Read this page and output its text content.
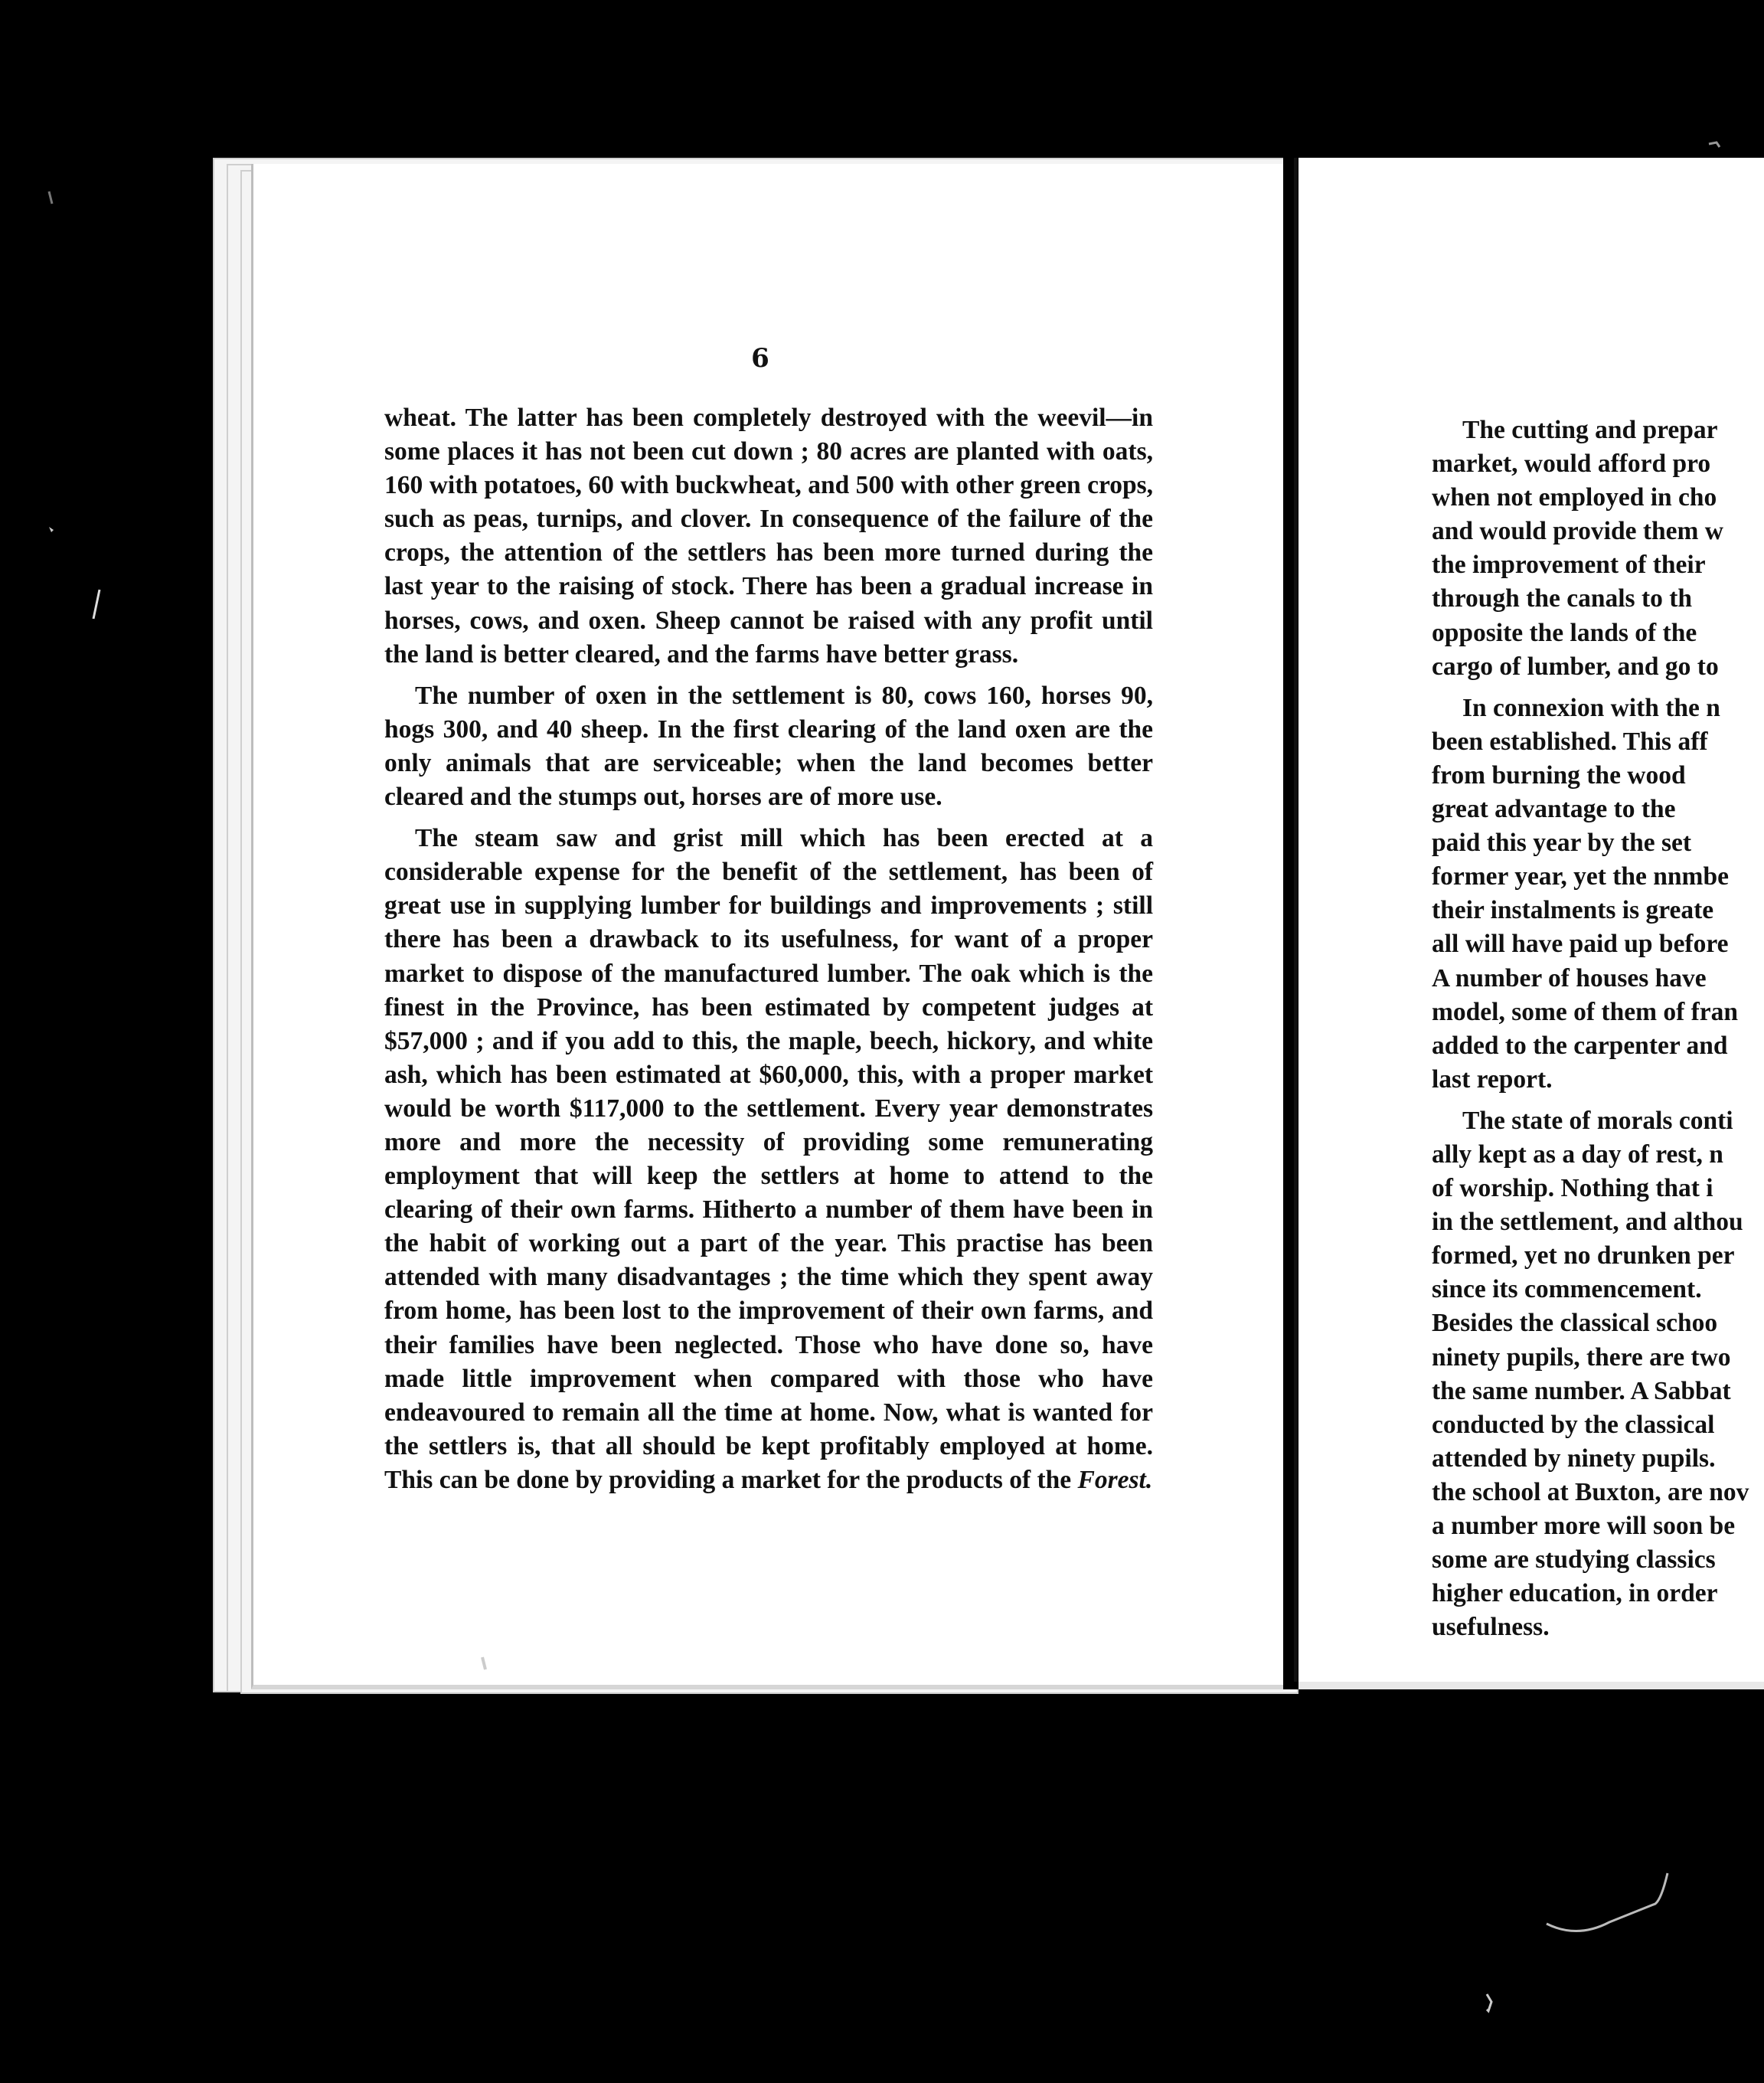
6

wheat. The latter has been completely destroyed with the weevil—in some places it has not been cut down ; 80 acres are planted with oats, 160 with potatoes, 60 with buckwheat, and 500 with other green crops, such as peas, turnips, and clover. In consequence of the failure of the crops, the attention of the settlers has been more turned during the last year to the raising of stock. There has been a gradual increase in horses, cows, and oxen. Sheep cannot be raised with any profit until the land is better cleared, and the farms have better grass.

The number of oxen in the settlement is 80, cows 160, horses 90, hogs 300, and 40 sheep. In the first clearing of the land oxen are the only animals that are serviceable; when the land becomes better cleared and the stumps out, horses are of more use.

The steam saw and grist mill which has been erected at a considerable expense for the benefit of the settlement, has been of great use in supplying lumber for buildings and improvements ; still there has been a drawback to its usefulness, for want of a proper market to dispose of the manufactured lumber. The oak which is the finest in the Province, has been estimated by competent judges at $57,000 ; and if you add to this, the maple, beech, hickory, and white ash, which has been estimated at $60,000, this, with a proper market would be worth $117,000 to the settlement. Every year demonstrates more and more the necessity of providing some remunerating employment that will keep the settlers at home to attend to the clearing of their own farms. Hitherto a number of them have been in the habit of working out a part of the year. This practise has been attended with many disadvantages ; the time which they spent away from home, has been lost to the improvement of their own farms, and their families have been neglected. Those who have done so, have made little improvement when compared with those who have endeavoured to remain all the time at home. Now, what is wanted for the settlers is, that all should be kept profitably employed at home. This can be done by providing a market for the products of the Forest.

The cutting and prepar
market, would afford pro
when not employed in cho
and would provide them w
the improvement of their
through the canals to th
opposite the lands of the
cargo of lumber, and go to
In connexion with the n
been established. This aff
from burning the wood
great advantage to the
paid this year by the set
former year, yet the nnmbe
their instalments is greate
all will have paid up before
A number of houses have
model, some of them of fran
added to the carpenter and
last report.
The state of morals conti
ally kept as a day of rest, n
of worship. Nothing that i
in the settlement, and althou
formed, yet no drunken per
since its commencement.
Besides the classical schoo
ninety pupils, there are two
the same number. A Sabbat
conducted by the classical
attended by ninety pupils.
the school at Buxton, are nov
a number more will soon be
some are studying classics
higher education, in order
usefulness.
